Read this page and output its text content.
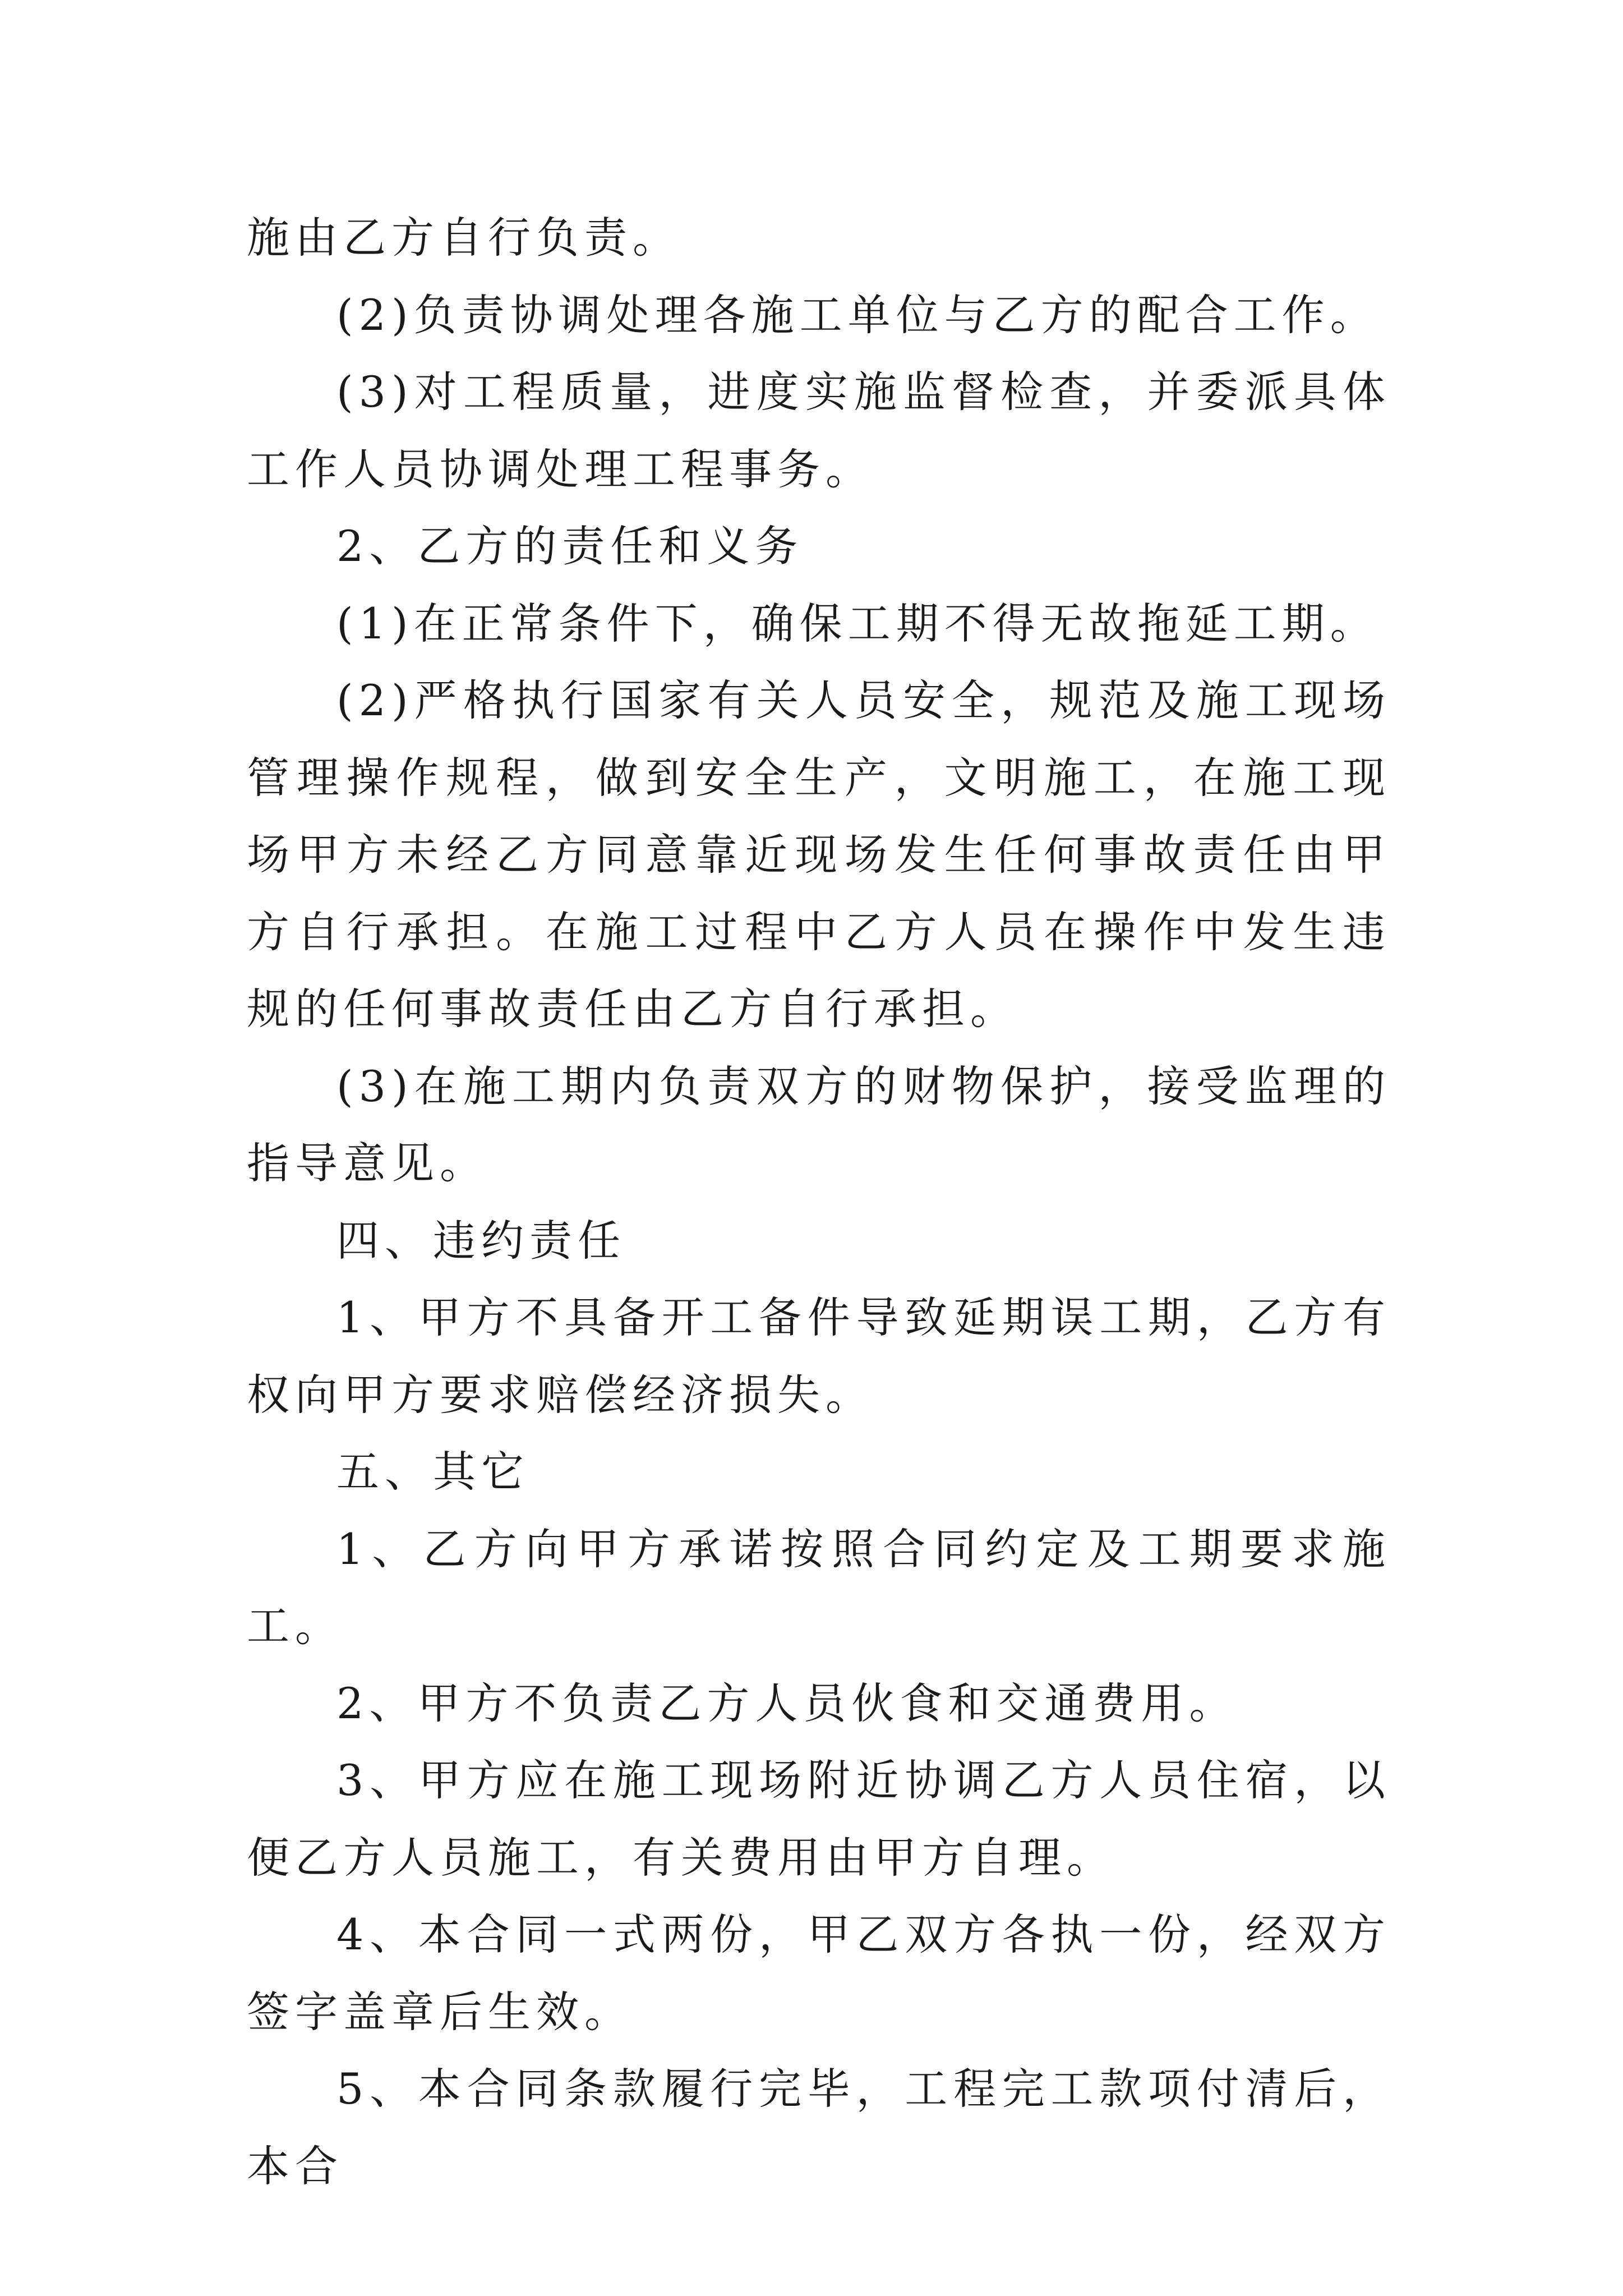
施由乙方自行负责。

(2)负责协调处理各施工单位与乙方的配合工作。

(3)对工程质量，进度实施监督检查，并委派具体工作人员协调处理工程事务。

2、乙方的责任和义务

(1)在正常条件下，确保工期不得无故拖延工期。

(2)严格执行国家有关人员安全，规范及施工现场管理操作规程，做到安全生产，文明施工，在施工现场甲方未经乙方同意靠近现场发生任何事故责任由甲方自行承担。在施工过程中乙方人员在操作中发生违规的任何事故责任由乙方自行承担。

(3)在施工期内负责双方的财物保护，接受监理的指导意见。

四、违约责任

1、甲方不具备开工备件导致延期误工期，乙方有权向甲方要求赔偿经济损失。

五、其它

1、乙方向甲方承诺按照合同约定及工期要求施工。

2、甲方不负责乙方人员伙食和交通费用。

3、甲方应在施工现场附近协调乙方人员住宿，以便乙方人员施工，有关费用由甲方自理。

4、本合同一式两份，甲乙双方各执一份，经双方签字盖章后生效。

5、本合同条款履行完毕，工程完工款项付清后，本合
